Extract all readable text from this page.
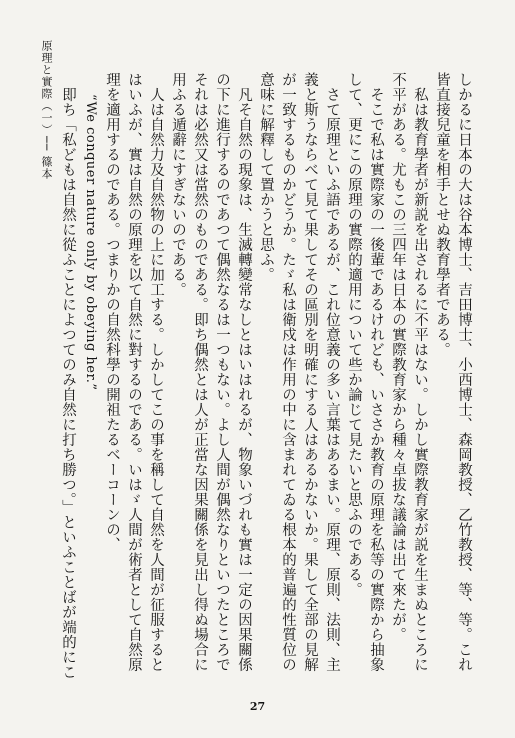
原理と實際（一）── 篠本	しかるに日本の大は谷本博士、吉田博士、小西博士、森岡教授、乙竹教授、等、等。これ皆直接兒童を相手とせぬ教育學者である。

私は教育學者が新説を出されるに不平はない。しかし實際教育家が説を生まぬところに不平がある。尤もこの三四年は日本の實際教育家から種々卓拔な議論は出て來たが。

そこで私は實際家の一後輩であるけれども、いささか教育の原理を私等の實際から抽象して、更にこの原理の實際的適用について些か論じて見たいと思ふのである。

さて原理といふ語であるが、これ位意義の多い言葉はあるまい。原理、原則、法則、主義と斯うならべて見て果してその區別を明確にする人はあるかないか。果して全部の見解が一致するものかどうか。たゞ私は衛戍は作用の中に含まれてゐる根本的普遍的性質位の意味に解釋して置かうと思ふ。

凡そ自然の現象は、生滅轉變常なしとはいはれるが、物象いづれも實は一定の因果關係の下に進行するのであつて偶然なるは一つもない。よし人間が偶然なりといつたところでそれは必然又は當然のものである。即ち偶然とは人が正當な因果關係を見出し得ぬ場合に用ふる遁辭にすぎないのである。

人は自然力及自然物の上に加工する。しかしてこの事を稱して自然を人間が征服するとはいふが、實は自然の原理を以て自然に對するのである。いはゞ人間が術者として自然原理を適用するのである。つまりかの自然科學の開祖たるベーコーンの、

“We conquer nature only by obeying her.”

即ち「私どもは自然に從ふことによつてのみ自然に打ち勝つ。」といふことばが端的にこ

27
